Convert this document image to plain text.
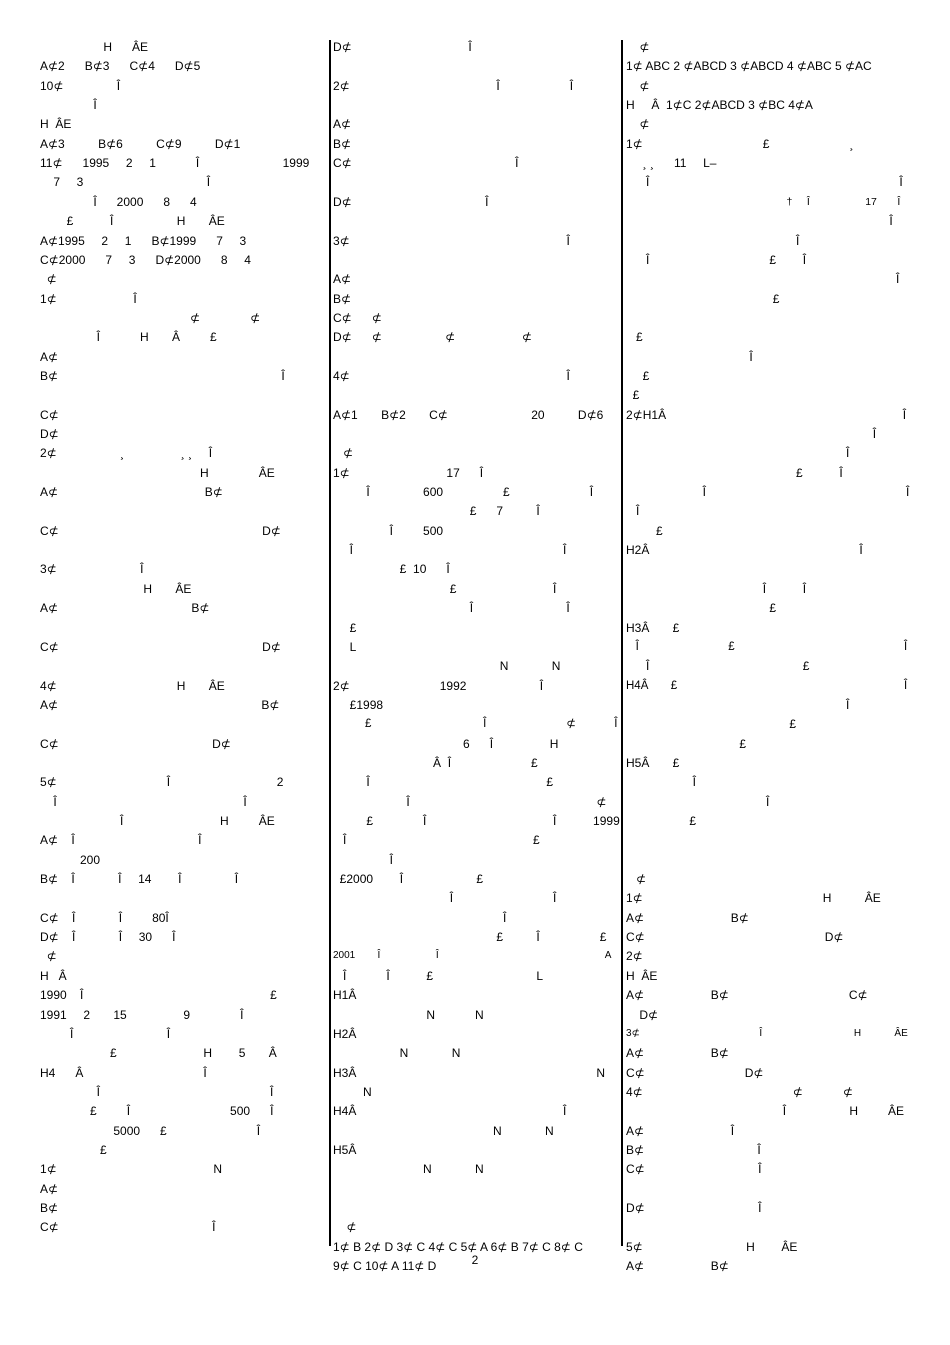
H      ÂE
A⊄2      B⊄3      C⊄4      D⊄5
10⊄                Î
Î
H  ÂE
A⊄3          B⊄6          C⊄9          D⊄1
11⊄      1995     2     1            Î                         1999
7     3                                     Î
Î      2000      8      4
£           Î                   H       ÂE
A⊄1995     2     1      B⊄1999      7     3
C⊄2000      7     3      D⊄2000      8     4
⊄
1⊄                       Î
⊄               ⊄
Î            H       Â         £
A⊄
B⊄                                                                   Î
C⊄
D⊄
2⊄                   ¸                 ¸ ¸     Î
H               ÂE
A⊄                                            B⊄
C⊄                                                             D⊄
3⊄                         Î
H       ÂE
A⊄                                        B⊄
C⊄                                                             D⊄
4⊄                                    H       ÂE
A⊄                                                             B⊄
C⊄                                              D⊄
5⊄                                 Î                                2
Î                                                        Î
Î                             H         ÂE
A⊄    Î                                     Î
200
B⊄    Î             Î     14        Î                Î
C⊄    Î             Î         80Î
D⊄    Î             Î     30      Î
⊄
H   Â
1990    Î                                                        £
1991     2       15                 9               Î
Î                            Î
£                          H        5       Â
H4      Â                                    Î
Î                                                   Î
£         Î                              500      Î
5000      £                           Î
£
1⊄                                               N
A⊄
B⊄
C⊄                                              Î
D⊄                                   Î
2⊄                                            Î                     Î
A⊄
B⊄
C⊄                                                 Î
D⊄                                        Î
3⊄                                                                 Î
A⊄
B⊄
C⊄      ⊄
D⊄      ⊄                   ⊄                    ⊄
4⊄                                                                 Î
A⊄1       B⊄2       C⊄                         20          D⊄6
⊄
1⊄                             17      Î
Î                600                  £                        Î
£      7          Î
Î         500
Î                                                               Î
£  10      Î
£                             Î
Î                            Î
£
L
N             N
2⊄                           1992                      Î
£1998
£                                   Î                         ⊄            Î
6      Î                 H
Â  Î                        £
Î                                                     £
Î                                                        ⊄
£               Î                                      Î           1999
Î                                                        £
Î
£2000        Î                      £
Î                              Î
Î
£          Î                  £
2001        Î                    Î                                                            A
Î            Î           £                               L
H1Â
N            N
H2Â
N             N
H3Â                                                                        N
N
H4Â                                                              Î
N             N
H5Â
N             N
⊄
1⊄ B 2⊄ D 3⊄ C 4⊄ C 5⊄ A 6⊄ B 7⊄ C 8⊄ C
9⊄ C 10⊄ A 11⊄ D
⊄
1⊄ ABC 2 ⊄ABCD 3 ⊄ABCD 4 ⊄ABC 5 ⊄AC
⊄
H     Â  1⊄C 2⊄ABCD 3 ⊄BC 4⊄A
⊄
1⊄                                    £                        ¸
¸ ¸      11     L–
Î                                                                           Î
†     Î                   17       Î
Î
Î
Î                                    £        Î
Î
£
£
Î
£
£
2⊄H1Â                                                                       Î
Î
Î
£           Î
Î                                                            Î
Î
£
H2Â                                                               Î
Î           Î
£
H3Â       £
Î                            £                                                     Î
Î                                              £
H4Â       £                                                                       Î
Î
£
£
H5Â       £
Î
Î
£
⊄
1⊄                                                      H          ÂE
A⊄                          B⊄
C⊄                                                      D⊄
2⊄
H  ÂE
A⊄                    B⊄                                    C⊄
D⊄
3⊄                                           Î                                 H            ÂE
A⊄                    B⊄
C⊄                              D⊄
4⊄                                             ⊄            ⊄
Î                   H         ÂE
A⊄                          Î
B⊄                                  Î
C⊄                                  Î
D⊄                                  Î
5⊄                               H        ÂE
A⊄                    B⊄
2
